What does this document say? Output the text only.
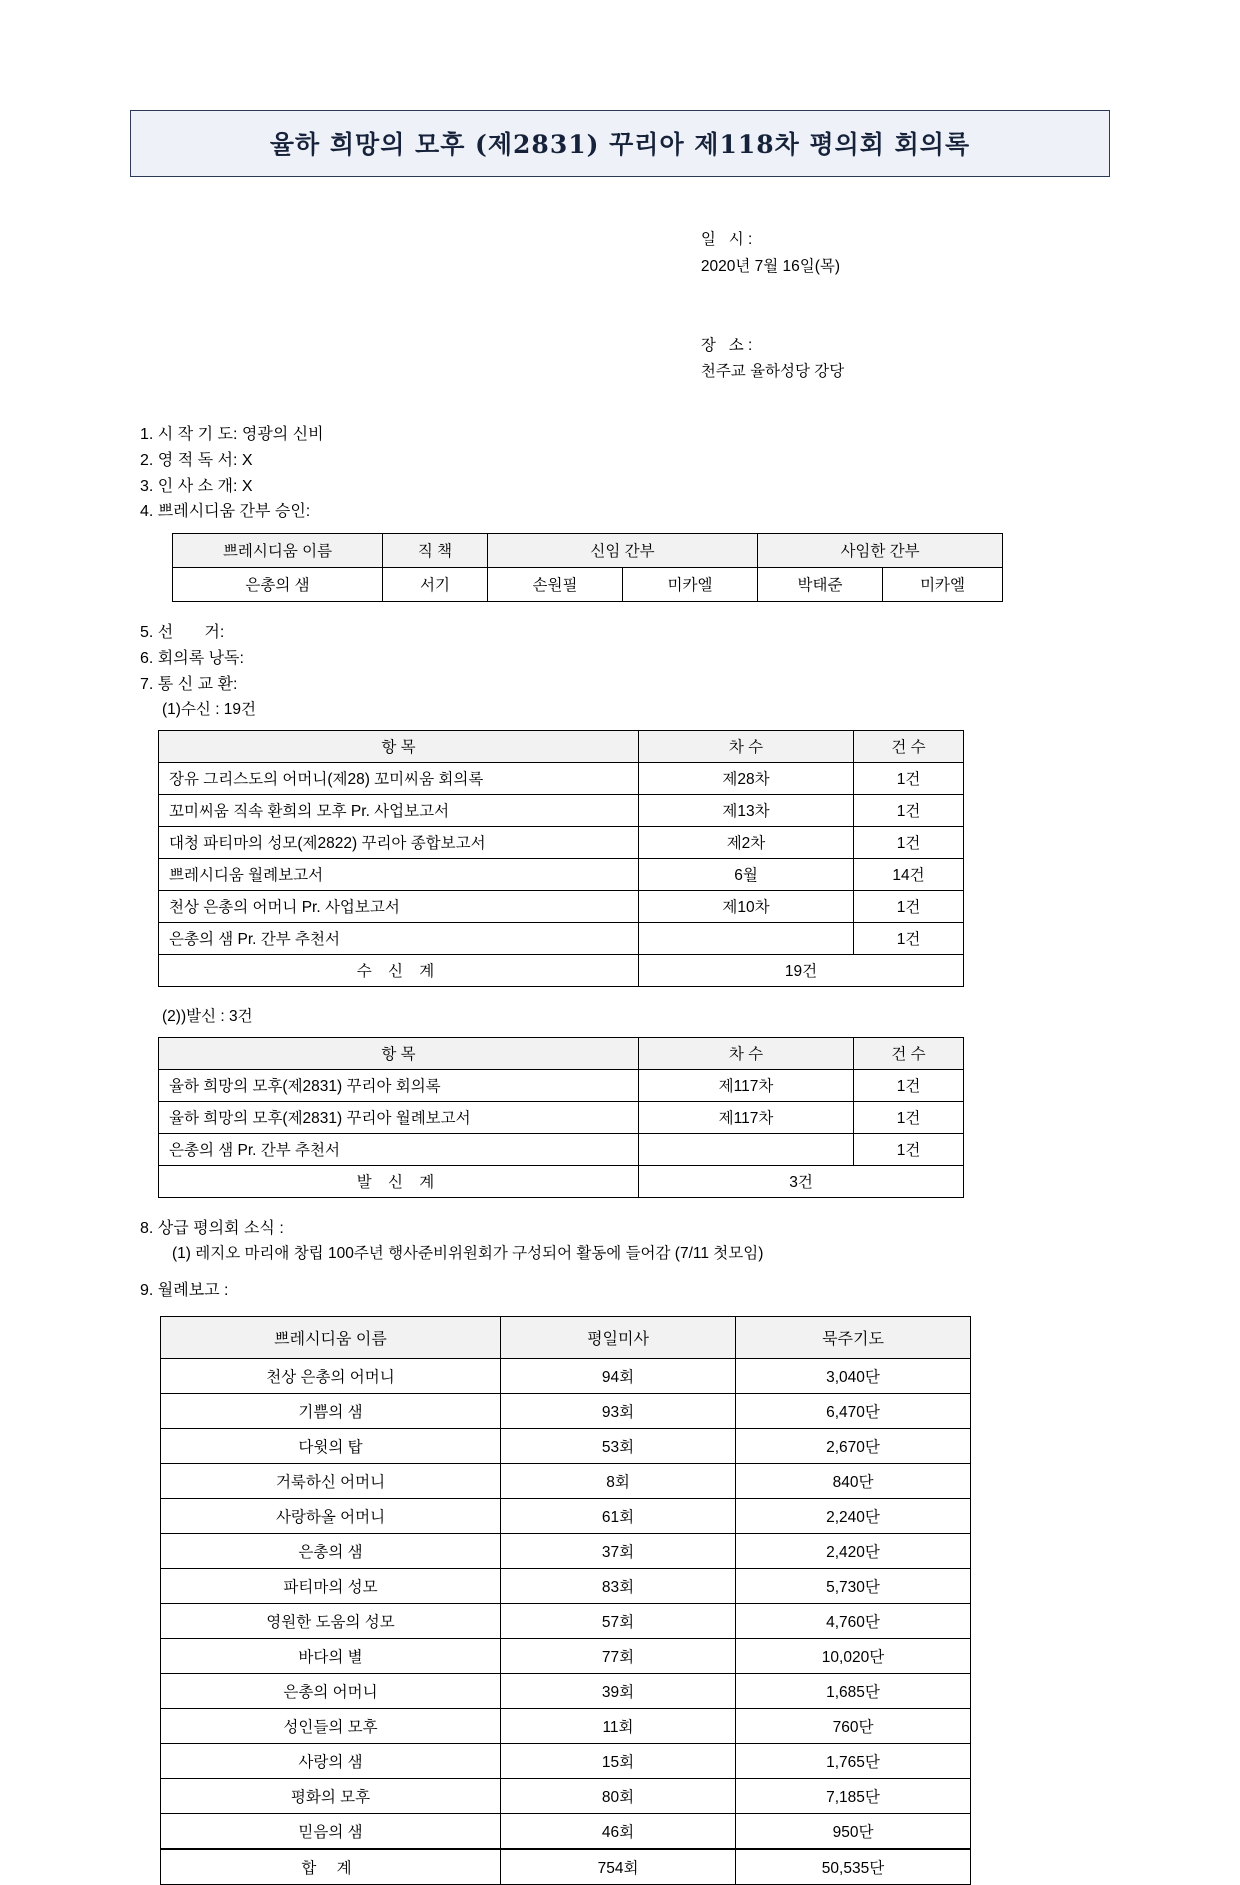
율하 희망의 모후 (제2831) 꾸리아 제118차 평의회 회의록

일   시 :
2020년 7월 16일(목)

장   소 :
천주교 율하성당 강당

1. 시 작 기 도: 영광의 신비
2. 영 적 독 서: X
3. 인 사 소 개: X
4. 쁘레시디움 간부 승인:
쁘레시디움 이름	직 책	신임 간부		사임한 간부	
은총의 샘	서기	손원필	미카엘	박태준	미카엘
5. 선       거:
6. 회의록 낭독:
7. 통 신 교 환:
(1)수신 : 19건
항 목	차 수	건 수
장유 그리스도의 어머니(제28) 꼬미씨움 회의록	제28차	1건
꼬미씨움 직속 환희의 모후 Pr. 사업보고서	제13차	1건
대청 파티마의 성모(제2822) 꾸리아 종합보고서	제2차	1건
쁘레시디움 월례보고서	6월	14건
천상 은총의 어머니 Pr. 사업보고서	제10차	1건
은총의 샘 Pr. 간부 추천서		1건
수 신 계	19건	
(2))발신 : 3건
항 목	차 수	건 수
율하 희망의 모후(제2831) 꾸리아 회의록	제117차	1건
율하 희망의 모후(제2831) 꾸리아 월례보고서	제117차	1건
은총의 샘 Pr. 간부 추천서		1건
발 신 계	3건	
8. 상급 평의회 소식 :
(1) 레지오 마리애 창립 100주년 행사준비위원회가 구성되어 활동에 들어감 (7/11 첫모임)
9. 월례보고 :
쁘레시디움 이름	평일미사	묵주기도
천상 은총의 어머니	94회	3,040단
기쁨의 샘	93회	6,470단
다윗의 탑	53회	2,670단
거룩하신 어머니	8회	840단
사랑하올 어머니	61회	2,240단
은총의 샘	37회	2,420단
파티마의 성모	83회	5,730단
영원한 도움의 성모	57회	4,760단
바다의 별	77회	10,020단
은총의 어머니	39회	1,685단
성인들의 모후	11회	760단
사랑의 샘	15회	1,765단
평화의 모후	80회	7,185단
믿음의 샘	46회	950단
합 계	754회	50,535단
